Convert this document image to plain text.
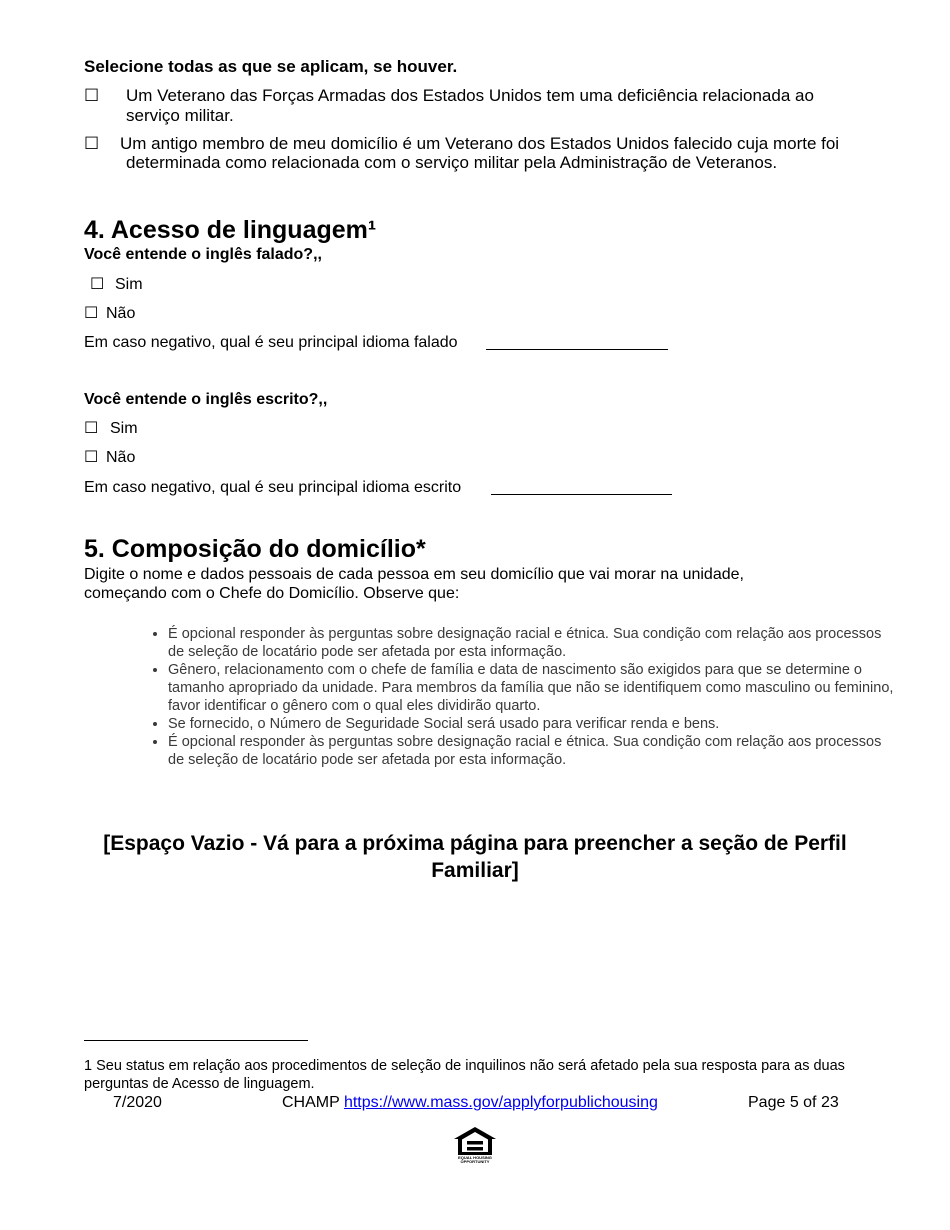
Selecione todas as que se aplicam, se houver.
☐ Um Veterano das Forças Armadas dos Estados Unidos tem uma deficiência relacionada ao serviço militar.
☐ Um antigo membro de meu domicílio é um Veterano dos Estados Unidos falecido cuja morte foi
determinada como relacionada com o serviço militar pela Administração de Veteranos.
4. Acesso de linguagem¹
Você entende o inglês falado?,,
☐ Sim
☐ Não
Em caso negativo, qual é seu principal idioma falado
Você entende o inglês escrito?,,
☐ Sim
☐ Não
Em caso negativo, qual é seu principal idioma escrito
5. Composição do domicílio*
Digite o nome e dados pessoais de cada pessoa em seu domicílio que vai morar na unidade,
começando com o Chefe do Domicílio. Observe que:
• É opcional responder às perguntas sobre designação racial e étnica. Sua condição com relação aos processos de seleção de locatário pode ser afetada por esta informação.
• Gênero, relacionamento com o chefe de família e data de nascimento são exigidos para que se determine o tamanho apropriado da unidade. Para membros da família que não se identifiquem como masculino ou feminino, favor identificar o gênero com o qual eles dividirão quarto.
• Se fornecido, o Número de Seguridade Social será usado para verificar renda e bens.
• É opcional responder às perguntas sobre designação racial e étnica. Sua condição com relação aos processos de seleção de locatário pode ser afetada por esta informação.
[Espaço Vazio - Vá para a próxima página para preencher a seção de Perfil
Familiar]
1 Seu status em relação aos procedimentos de seleção de inquilinos não será afetado pela sua resposta para as duas perguntas de Acesso de linguagem.
7/2020	CHAMP https://www.mass.gov/applyforpublichousing	Page 5 of 23
EQUAL HOUSING OPPORTUNITY
